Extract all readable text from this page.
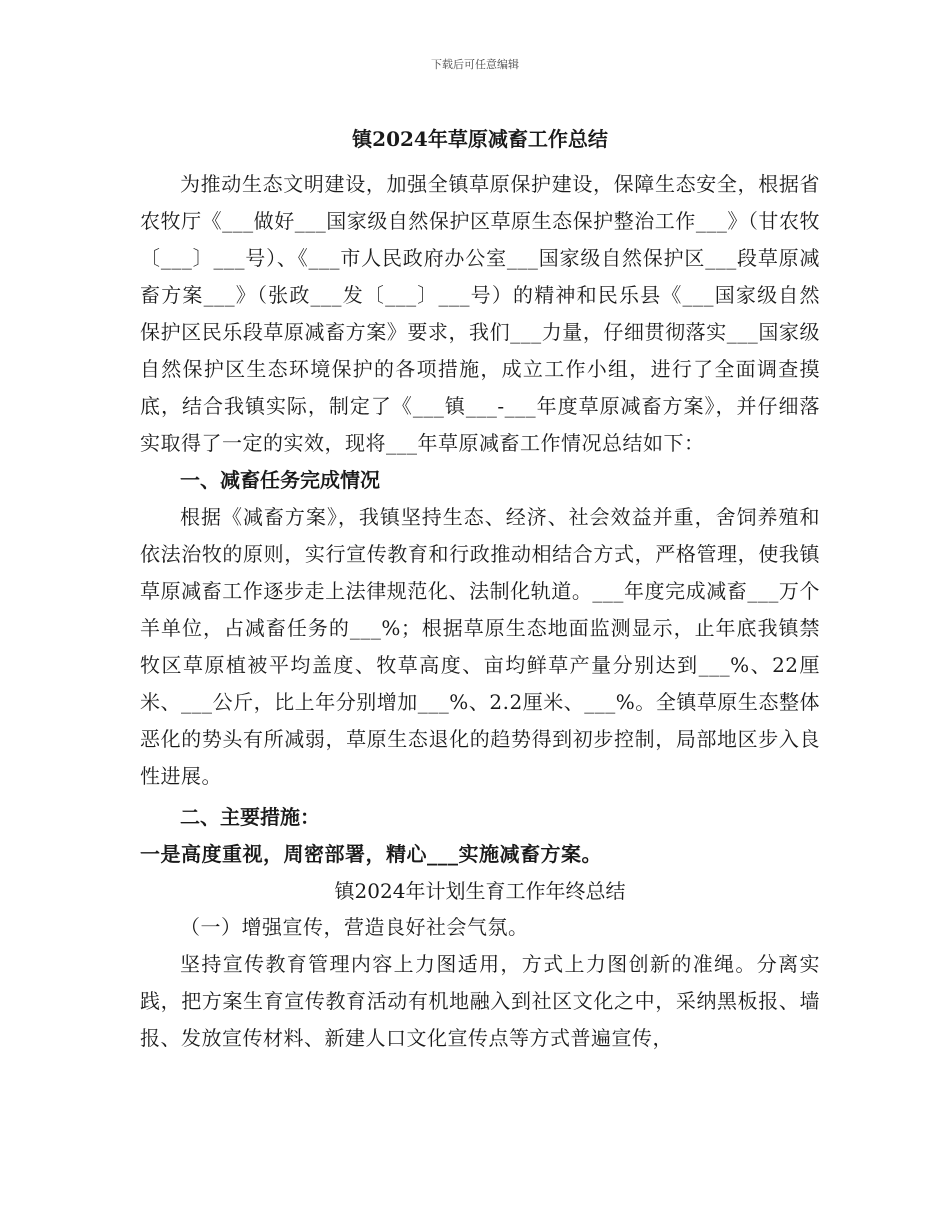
下载后可任意编辑
镇2024年草原减畜工作总结

为推动生态文明建设，加强全镇草原保护建设，保障生态安全，根据省农牧厅《___做好___国家级自然保护区草原生态保护整治工作___》（甘农牧〔___〕___号）、《___市人民政府办公室___国家级自然保护区___段草原减畜方案___》（张政___发〔___〕___号）的精神和民乐县《___国家级自然保护区民乐段草原减畜方案》要求，我们___力量，仔细贯彻落实___国家级自然保护区生态环境保护的各项措施，成立工作小组，进行了全面调查摸底，结合我镇实际，制定了《___镇___-___年度草原减畜方案》，并仔细落实取得了一定的实效，现将___年草原减畜工作情况总结如下：

一、减畜任务完成情况

根据《减畜方案》，我镇坚持生态、经济、社会效益并重，舍饲养殖和依法治牧的原则，实行宣传教育和行政推动相结合方式，严格管理，使我镇草原减畜工作逐步走上法律规范化、法制化轨道。___年度完成减畜___万个羊单位，占减畜任务的___%；根据草原生态地面监测显示，止年底我镇禁牧区草原植被平均盖度、牧草高度、亩均鲜草产量分别达到___%、22厘米、___公斤，比上年分别增加___%、2.2厘米、___%。全镇草原生态整体恶化的势头有所减弱，草原生态退化的趋势得到初步控制，局部地区步入良性进展。

二、主要措施：

一是高度重视，周密部署，精心___实施减畜方案。

镇2024年计划生育工作年终总结

（一）增强宣传，营造良好社会气氛。

坚持宣传教育管理内容上力图适用，方式上力图创新的准绳。分离实践，把方案生育宣传教育活动有机地融入到社区文化之中，采纳黑板报、墙报、发放宣传材料、新建人口文化宣传点等方式普遍宣传，
